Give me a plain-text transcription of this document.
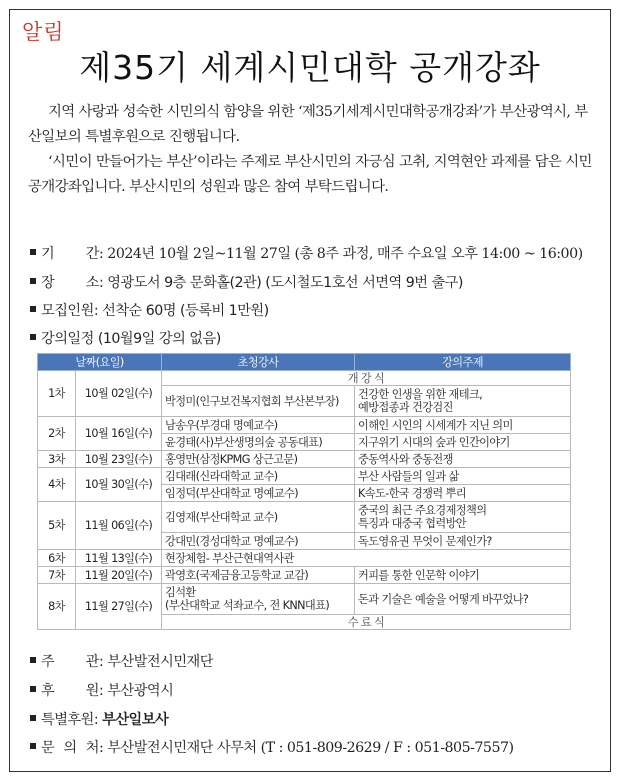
알림
제35기 세계시민대학 공개강좌

지역 사랑과 성숙한 시민의식 함양을 위한 ‘제35기세계시민대학공개강좌’가 부산광역시, 부산일보의 특별후원으로 진행됩니다.

‘시민이 만들어가는 부산’이라는 주제로 부산시민의 자긍심 고취, 지역현안 과제를 담은 시민공개강좌입니다. 부산시민의 성원과 많은 참여 부탁드립니다.

기 간: 2024년 10월 2일~11월 27일 (총 8주 과정, 매주 수요일 오후 14:00 ~ 16:00)
장 소: 영광도서 9층 문화홀(2관) (도시철도1호선 서면역 9번 출구)
모집인원: 선착순 60명 (등록비 1만원)
강의일정 (10월9일 강의 없음)
날짜(요일)		초청강사	강의주제
1차	10월 02일(수)	개 강 식	
		박정미(인구보건복지협회 부산본부장)	건강한 인생을 위한 재테크,
예방접종과 건강검진
2차	10월 16일(수)	남송우(부경대 명예교수)	이해인 시인의 시세계가 지닌 의미
		윤경태(사)부산생명의숲 공동대표)	지구위기 시대의 숲과 인간이야기
3차	10월 23일(수)	홍영만(삼정KPMG 상근고문)	중동역사와 중동전쟁
4차	10월 30일(수)	김대래(신라대학교 교수)	부산 사람들의 일과 삶
		임정덕(부산대학교 명예교수)	K속도-한국 경쟁력 뿌리
5차	11월 06일(수)	김영재(부산대학교 교수)	중국의 최근 주요경제정책의
특징과 대중국 협력방안
		강대민(경성대학교 명예교수)	독도영유권 무엇이 문제인가?
6차	11월 13일(수)	현장체험- 부산근현대역사관	
7차	11월 20일(수)	곽영호(국제금융고등학교 교감)	커피를 통한 인문학 이야기
8차	11월 27일(수)	김석환
(부산대학교 석좌교수, 전 KNN대표)	돈과 기술은 예술을 어떻게 바꾸었나?
		수 료 식	
주 관: 부산발전시민재단
후 원: 부산광역시
특별후원: 부산일보사
문 의 처: 부산발전시민재단 사무처 (T : 051-809-2629 / F : 051-805-7557)
